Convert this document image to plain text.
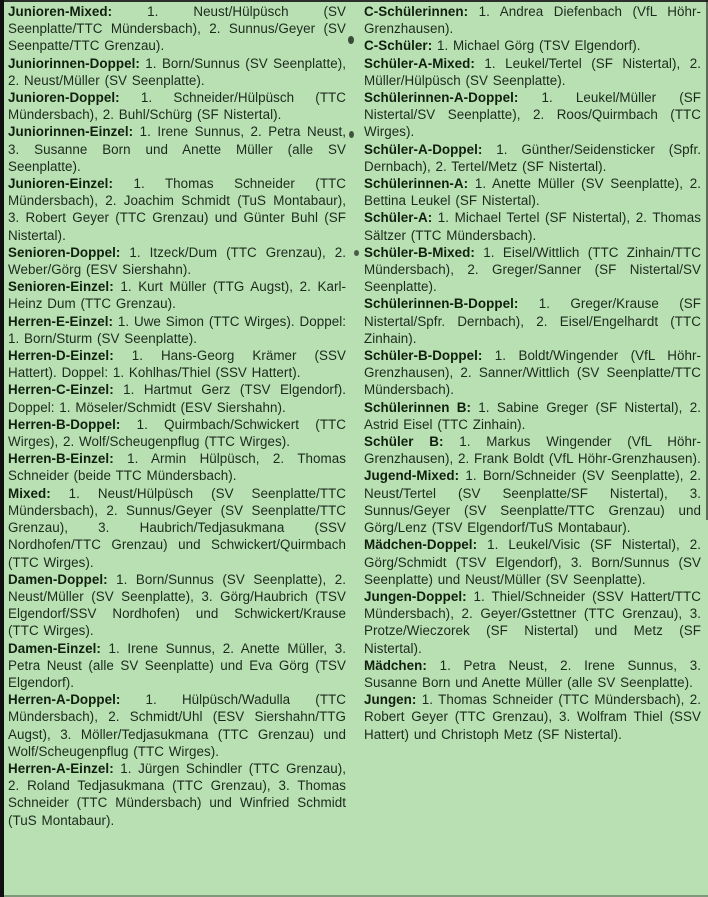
Junioren-Mixed: 1. Neust/Hülpüsch (SV Seenplatte/TTC Mündersbach), 2. Sunnus/Geyer (SV Seenpatte/TTC Grenzau).

Juniorinnen-Doppel: 1. Born/Sunnus (SV Seenplatte), 2. Neust/Müller (SV Seenplatte).

Junioren-Doppel: 1. Schneider/Hülpüsch (TTC Mündersbach), 2. Buhl/Schürg (SF Nistertal).

Juniorinnen-Einzel: 1. Irene Sunnus, 2. Petra Neust, 3. Susanne Born und Anette Müller (alle SV Seenplatte).

Junioren-Einzel: 1. Thomas Schneider (TTC Mündersbach), 2. Joachim Schmidt (TuS Montabaur), 3. Robert Geyer (TTC Grenzau) und Günter Buhl (SF Nistertal).

Senioren-Doppel: 1. Itzeck/Dum (TTC Grenzau), 2. Weber/Görg (ESV Siershahn).

Senioren-Einzel: 1. Kurt Müller (TTG Augst), 2. Karl-Heinz Dum (TTC Grenzau).

Herren-E-Einzel: 1. Uwe Simon (TTC Wirges). Doppel: 1. Born/Sturm (SV Seenplatte).

Herren-D-Einzel: 1. Hans-Georg Krämer (SSV Hattert). Doppel: 1. Kohlhas/Thiel (SSV Hattert).

Herren-C-Einzel: 1. Hartmut Gerz (TSV Elgendorf). Doppel: 1. Möseler/Schmidt (ESV Siershahn).

Herren-B-Doppel: 1. Quirmbach/Schwickert (TTC Wirges), 2. Wolf/Scheugenpflug (TTC Wirges).

Herren-B-Einzel: 1. Armin Hülpüsch, 2. Thomas Schneider (beide TTC Mündersbach).

Mixed: 1. Neust/Hülpüsch (SV Seenplatte/TTC Mündersbach), 2. Sunnus/Geyer (SV Seenplatte/TTC Grenzau), 3. Haubrich/Tedjasukmana (SSV Nordhofen/TTC Grenzau) und Schwickert/Quirmbach (TTC Wirges).

Damen-Doppel: 1. Born/Sunnus (SV Seenplatte), 2. Neust/Müller (SV Seenplatte), 3. Görg/Haubrich (TSV Elgendorf/SSV Nordhofen) und Schwickert/Krause (TTC Wirges).

Damen-Einzel: 1. Irene Sunnus, 2. Anette Müller, 3. Petra Neust (alle SV Seenplatte) und Eva Görg (TSV Elgendorf).

Herren-A-Doppel: 1. Hülpüsch/Wadulla (TTC Mündersbach), 2. Schmidt/Uhl (ESV Siershahn/TTG Augst), 3. Möller/Tedjasukmana (TTC Grenzau) und Wolf/Scheugenpflug (TTC Wirges).

Herren-A-Einzel: 1. Jürgen Schindler (TTC Grenzau), 2. Roland Tedjasukmana (TTC Grenzau), 3. Thomas Schneider (TTC Mündersbach) und Winfried Schmidt (TuS Montabaur).

C-Schülerinnen: 1. Andrea Diefenbach (VfL Höhr-Grenzhausen).

C-Schüler: 1. Michael Görg (TSV Elgendorf).

Schüler-A-Mixed: 1. Leukel/Tertel (SF Nistertal), 2. Müller/Hülpüsch (SV Seenplatte).

Schülerinnen-A-Doppel: 1. Leukel/Müller (SF Nistertal/SV Seenplatte), 2. Roos/Quirmbach (TTC Wirges).

Schüler-A-Doppel: 1. Günther/Seidensticker (Spfr. Dernbach), 2. Tertel/Metz (SF Nistertal).

Schülerinnen-A: 1. Anette Müller (SV Seenplatte), 2. Bettina Leukel (SF Nistertal).

Schüler-A: 1. Michael Tertel (SF Nistertal), 2. Thomas Sältzer (TTC Mündersbach).

Schüler-B-Mixed: 1. Eisel/Wittlich (TTC Zinhain/TTC Mündersbach), 2. Greger/Sanner (SF Nistertal/SV Seenplatte).

Schülerinnen-B-Doppel: 1. Greger/Krause (SF Nistertal/Spfr. Dernbach), 2. Eisel/Engelhardt (TTC Zinhain).

Schüler-B-Doppel: 1. Boldt/Wingender (VfL Höhr-Grenzhausen), 2. Sanner/Wittlich (SV Seenplatte/TTC Mündersbach).

Schülerinnen B: 1. Sabine Greger (SF Nistertal), 2. Astrid Eisel (TTC Zinhain).

Schüler B: 1. Markus Wingender (VfL Höhr-Grenzhausen), 2. Frank Boldt (VfL Höhr-Grenzhausen).

Jugend-Mixed: 1. Born/Schneider (SV Seenplatte), 2. Neust/Tertel (SV Seenplatte/SF Nistertal), 3. Sunnus/Geyer (SV Seenplatte/TTC Grenzau) und Görg/Lenz (TSV Elgendorf/TuS Montabaur).

Mädchen-Doppel: 1. Leukel/Visic (SF Nistertal), 2. Görg/Schmidt (TSV Elgendorf), 3. Born/Sunnus (SV Seenplatte) und Neust/Müller (SV Seenplatte).

Jungen-Doppel: 1. Thiel/Schneider (SSV Hattert/TTC Mündersbach), 2. Geyer/Gstettner (TTC Grenzau), 3. Protze/Wieczorek (SF Nistertal) und Metz (SF Nistertal).

Mädchen: 1. Petra Neust, 2. Irene Sunnus, 3. Susanne Born und Anette Müller (alle SV Seenplatte).

Jungen: 1. Thomas Schneider (TTC Mündersbach), 2. Robert Geyer (TTC Grenzau), 3. Wolfram Thiel (SSV Hattert) und Christoph Metz (SF Nistertal).
